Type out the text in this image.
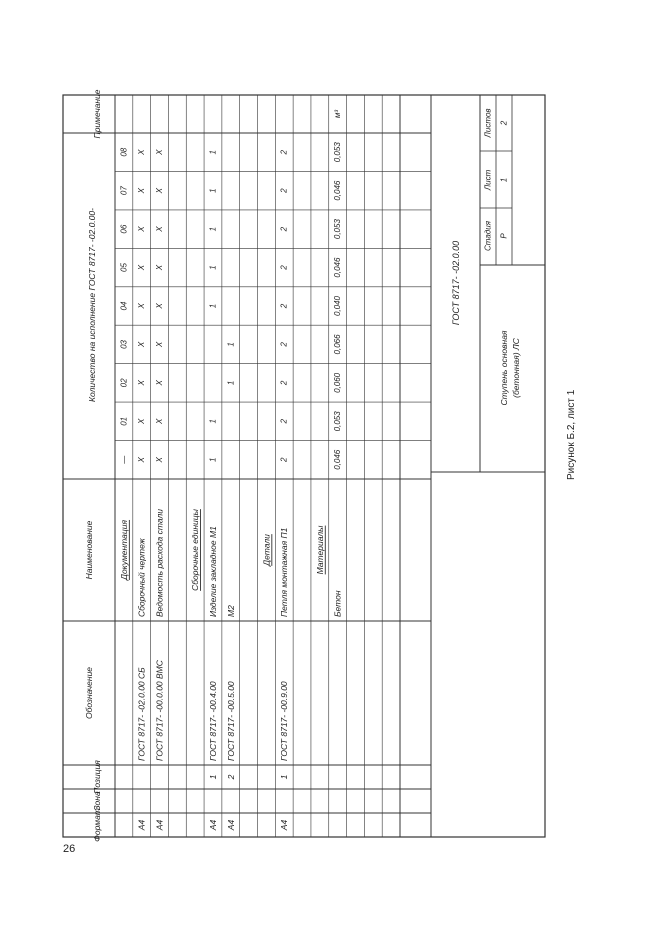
Формат
Зона
Позиция
Обозначение
Наименование
Примечание
Количество на исполнение ГОСТ 8717- -02.0.00-
—
01
02
03
04
05
06
07
08
Документация
А4
ГОСТ 8717- -02.0.00 СБ
Сборочный чертеж
X
X
X
X
X
X
X
X
X
А4
ГОСТ 8717- -00.0.00 ВМС
Ведомость расхода стали
X
X
X
X
X
X
X
X
X
Сборочные единицы
А4
1
ГОСТ 8717- -00.4.00
Изделие закладное М1
1
1
1
1
1
1
1
А4
2
ГОСТ 8717- -00.5.00
М2
1
1
Детали
А4
1
ГОСТ 8717- -00.9.00
Петля монтажная П1
2
2
2
2
2
2
2
2
2
Материалы
Бетон
0,046
0,053
0,060
0,066
0,040
0,046
0,053
0,046
0,053
м³
ГОСТ 8717- -02.0.00
Ступень основная (бетонная) ЛС
Стадия
Лист
Листов
Р
1
2
26
Рисунок Б.2, лист 1
